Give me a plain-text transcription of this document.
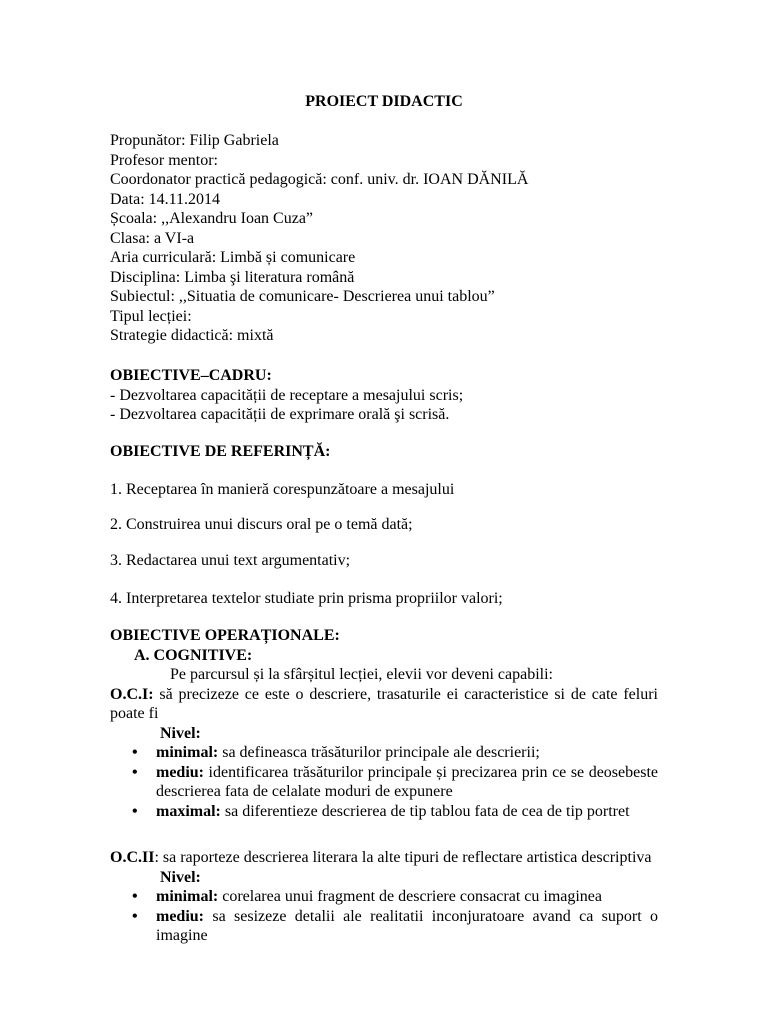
PROIECT DIDACTIC
Propunător: Filip Gabriela
Profesor mentor:
Coordonator practică pedagogică: conf. univ. dr. IOAN DĂNILĂ
Data: 14.11.2014
Școala: ,,Alexandru Ioan Cuza”
Clasa: a VI-a
Aria curriculară: Limbă și comunicare
Disciplina: Limba şi literatura română
Subiectul: ,,Situatia de comunicare- Descrierea unui tablou”
Tipul lecției:
Strategie didactică: mixtă
OBIECTIVE–CADRU:
- Dezvoltarea capacității de receptare a mesajului scris;
- Dezvoltarea capacității de exprimare orală şi scrisă.
OBIECTIVE DE REFERINȚĂ:
1. Receptarea în manieră corespunzătoare a mesajului
2. Construirea unui discurs oral pe o temă dată;
3. Redactarea unui text argumentativ;
4. Interpretarea textelor studiate prin prisma propriilor valori;
OBIECTIVE OPERAȚIONALE:
A. COGNITIVE:
Pe parcursul și la sfârșitul lecției, elevii vor deveni capabili:
O.C.I: să precizeze ce este o descriere, trasaturile ei caracteristice si de cate feluri poate fi
Nivel:
• minimal: sa defineasca trăsăturilor principale ale descrierii;
• mediu: identificarea trăsăturilor principale și precizarea prin ce se deosebeste descrierea fata de celalate moduri de expunere
• maximal: sa diferentieze descrierea de tip tablou fata de cea de tip portret
O.C.II: sa raporteze descrierea literara la alte tipuri de reflectare artistica descriptiva
Nivel:
• minimal: corelarea unui fragment de descriere consacrat cu imaginea
• mediu: sa sesizeze detalii ale realitatii inconjuratoare avand ca suport o imagine
